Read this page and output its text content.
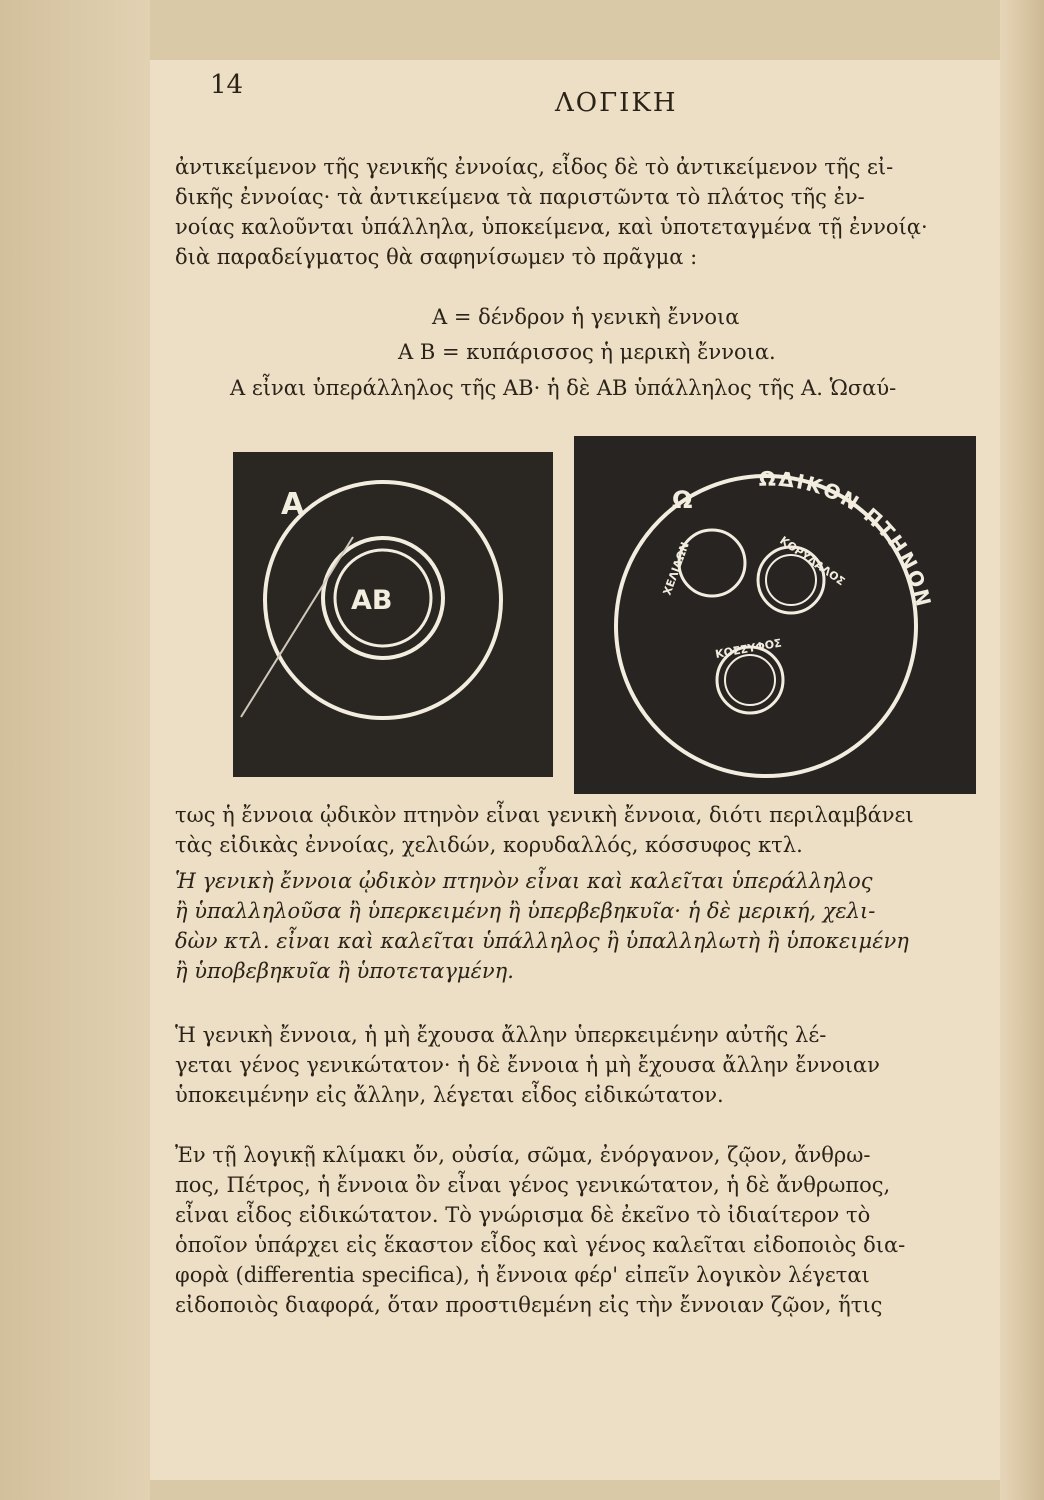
14
ΛΟΓΙΚΗ
ἀντικείμενον τῆς γενικῆς ἐννοίας, εἶδος δὲ τὸ ἀντικείμενον τῆς εἰ-
δικῆς ἐννοίας· τὰ ἀντικείμενα τὰ παριστῶντα τὸ πλάτος τῆς ἐν-
νοίας καλοῦνται ὑπάλληλα, ὑποκείμενα, καὶ ὑποτεταγμένα τῇ ἐννοίᾳ·
διὰ παραδείγματος θὰ σαφηνίσωμεν τὸ πρᾶγμα :
Α = δένδρον ἡ γενικὴ ἔννοια
Α Β = κυπάρισσος ἡ μερικὴ ἔννοια.
Α εἶναι ὑπεράλληλος τῆς ΑΒ· ἡ δὲ ΑΒ ὑπάλληλος τῆς Α. Ὡσαύ-
Α
ΑΒ
Ω
ΩΔΙΚΟΝ ΠΤΗΝΟΝ
ΧΕΛΙΔΩΝ	ΚΟΡΥΔΑΛΟΣ
ΚΟΣΣΥΦΟΣ
τως ἡ ἔννοια ᾠδικὸν πτηνὸν εἶναι γενικὴ ἔννοια, διότι περιλαμβάνει
τὰς εἰδικὰς ἐννοίας, χελιδών, κορυδαλλός, κόσσυφος κτλ.
Ἡ γενικὴ ἔννοια ᾠδικὸν πτηνὸν εἶναι καὶ καλεῖται ὑπεράλληλος
ἢ ὑπαλληλοῦσα ἢ ὑπερκειμένη ἢ ὑπερβεβηκυῖα· ἡ δὲ μερική, χελι-
δὼν κτλ. εἶναι καὶ καλεῖται ὑπάλληλος ἢ ὑπαλληλωτὴ ἢ ὑποκειμένη
ἢ ὑποβεβηκυῖα ἢ ὑποτεταγμένη.
Ἡ γενικὴ ἔννοια, ἡ μὴ ἔχουσα ἄλλην ὑπερκειμένην αὐτῆς λέ-
γεται γένος γενικώτατον· ἡ δὲ ἔννοια ἡ μὴ ἔχουσα ἄλλην ἔννοιαν
ὑποκειμένην εἰς ἄλλην, λέγεται εἶδος εἰδικώτατον.
Ἐν τῇ λογικῇ κλίμακι ὄν, οὐσία, σῶμα, ἐνόργανον, ζῷον, ἄνθρω-
πος, Πέτρος, ἡ ἔννοια ὂν εἶναι γένος γενικώτατον, ἡ δὲ ἄνθρωπος,
εἶναι εἶδος εἰδικώτατον. Τὸ γνώρισμα δὲ ἐκεῖνο τὸ ἰδιαίτερον τὸ
ὁποῖον ὑπάρχει εἰς ἕκαστον εἶδος καὶ γένος καλεῖται εἰδοποιὸς δια-
φορὰ (differentia specifica), ἡ ἔννοια φέρ' εἰπεῖν λογικὸν λέγεται
εἰδοποιὸς διαφορά, ὅταν προστιθεμένη εἰς τὴν ἔννοιαν ζῷον, ἥτις
